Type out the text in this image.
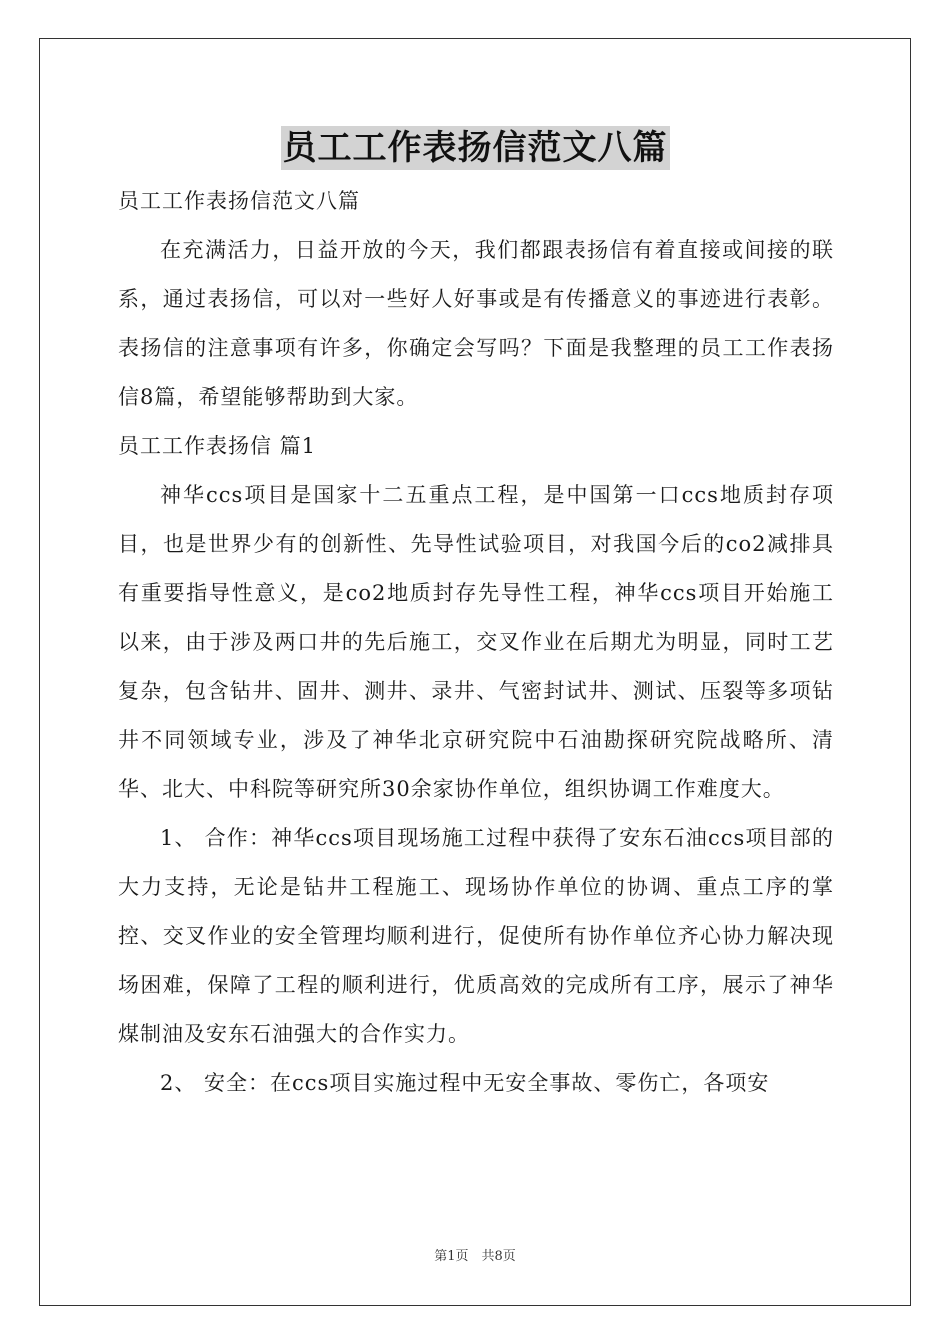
员工工作表扬信范文八篇

员工工作表扬信范文八篇

在充满活力，日益开放的今天，我们都跟表扬信有着直接或间接的联系，通过表扬信，可以对一些好人好事或是有传播意义的事迹进行表彰。表扬信的注意事项有许多，你确定会写吗？下面是我整理的员工工作表扬信8篇，希望能够帮助到大家。

员工工作表扬信 篇1

神华ccs项目是国家十二五重点工程，是中国第一口ccs地质封存项目，也是世界少有的创新性、先导性试验项目，对我国今后的co2减排具有重要指导性意义，是co2地质封存先导性工程，神华ccs项目开始施工以来，由于涉及两口井的先后施工，交叉作业在后期尤为明显，同时工艺复杂，包含钻井、固井、测井、录井、气密封试井、测试、压裂等多项钻井不同领域专业，涉及了神华北京研究院中石油勘探研究院战略所、清华、北大、中科院等研究所30余家协作单位，组织协调工作难度大。

1、 合作：神华ccs项目现场施工过程中获得了安东石油ccs项目部的大力支持，无论是钻井工程施工、现场协作单位的协调、重点工序的掌控、交叉作业的安全管理均顺利进行，促使所有协作单位齐心协力解决现场困难，保障了工程的顺利进行，优质高效的完成所有工序，展示了神华煤制油及安东石油强大的合作实力。

2、 安全：在ccs项目实施过程中无安全事故、零伤亡，各项安

第1页　共8页
